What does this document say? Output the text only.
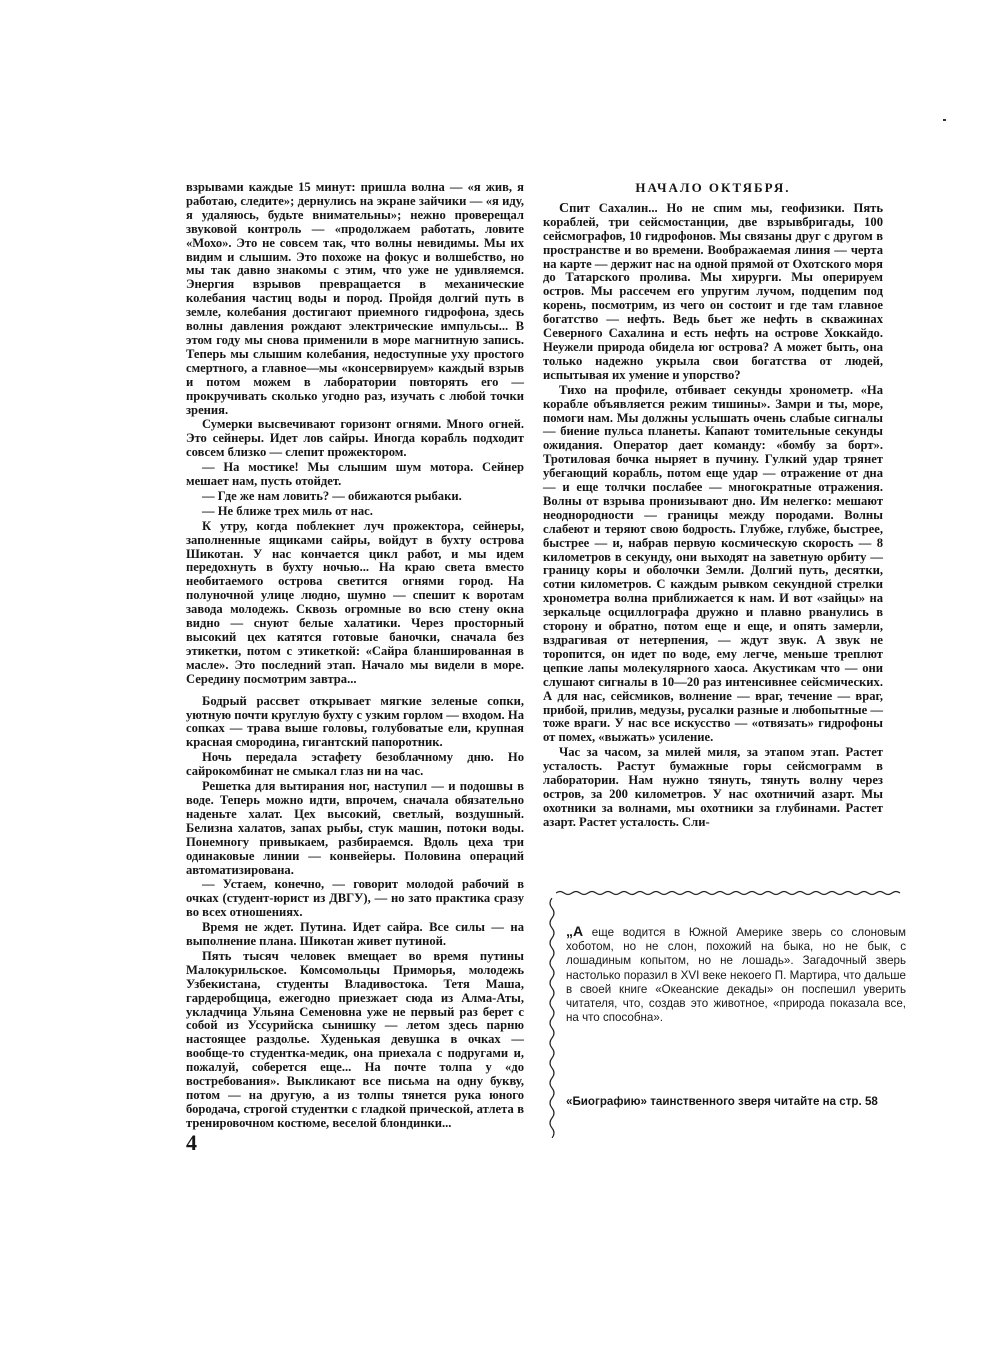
взрывами каждые 15 минут: пришла волна — «я жив, я работаю, следите»; дернулись на экране зайчики — «я иду, я удаляюсь, будьте внимательны»; нежно проверещал звуковой контроль — «продолжаем работать, ловите «Мохо». Это не совсем так, что волны невидимы. Мы их видим и слышим. Это похоже на фокус и волшебство, но мы так давно знакомы с этим, что уже не удивляемся. Энергия взрывов превращается в механические колебания частиц воды и пород. Пройдя долгий путь в земле, колебания достигают приемного гидрофона, здесь волны давления рождают электрические импульсы... В этом году мы снова применили в море магнитную запись. Теперь мы слышим колебания, недоступные уху простого смертного, а главное—мы «консервируем» каждый взрыв и потом можем в лаборатории повторять его — прокручивать сколько угодно раз, изучать с любой точки зрения.

Сумерки высвечивают горизонт огнями. Много огней. Это сейнеры. Идет лов сайры. Иногда корабль подходит совсем близко — слепит прожектором.

— На мостике! Мы слышим шум мотора. Сейнер мешает нам, пусть отойдет.

— Где же нам ловить? — обижаются рыбаки.

— Не ближе трех миль от нас.

К утру, когда поблекнет луч прожектора, сейнеры, заполненные ящиками сайры, войдут в бухту острова Шикотан. У нас кончается цикл работ, и мы идем передохнуть в бухту ночью... На краю света вместо необитаемого острова светится огнями город. На полуночной улице людно, шумно — спешит к воротам завода молодежь. Сквозь огромные во всю стену окна видно — снуют белые халатики. Через просторный высокий цех катятся готовые баночки, сначала без этикетки, потом с этикеткой: «Сайра бланшированная в масле». Это последний этап. Начало мы видели в море. Середину посмотрим завтра...

Бодрый рассвет открывает мягкие зеленые сопки, уютную почти круглую бухту с узким горлом — входом. На сопках — трава выше головы, голубоватые ели, крупная красная смородина, гигантский папоротник.

Ночь передала эстафету безоблачному дню. Но сайрокомбинат не смыкал глаз ни на час.

Решетка для вытирания ног, наступил — и подошвы в воде. Теперь можно идти, впрочем, сначала обязательно наденьте халат. Цех высокий, светлый, воздушный. Белизна халатов, запах рыбы, стук машин, потоки воды. Понемногу привыкаем, разбираемся. Вдоль цеха три одинаковые линии — конвейеры. Половина операций автоматизирована.

— Устаем, конечно, — говорит молодой рабочий в очках (студент-юрист из ДВГУ), — но зато практика сразу во всех отношениях.

Время не ждет. Путина. Идет сайра. Все силы — на выполнение плана. Шикотан живет путиной.

Пять тысяч человек вмещает во время путины Малокурильское. Комсомольцы Приморья, молодежь Узбекистана, студенты Владивостока. Тетя Маша, гардеробщица, ежегодно приезжает сюда из Алма-Аты, укладчица Ульяна Семеновна уже не первый раз берет с собой из Уссурийска сынишку — летом здесь парню настоящее раздолье. Худенькая девушка в очках — вообще-то студентка-медик, она приехала с подругами и, пожалуй, соберется еще... На почте толпа у «до востребования». Выкликают все письма на одну букву, потом — на другую, а из толпы тянется рука юного бородача, строгой студентки с гладкой прической, атлета в тренировочном костюме, веселой блондинки...

НАЧАЛО ОКТЯБРЯ.

Спит Сахалин... Но не спим мы, геофизики. Пять кораблей, три сейсмостанции, две взрывбригады, 100 сейсмографов, 10 гидрофонов. Мы связаны друг с другом в пространстве и во времени. Воображаемая линия — черта на карте — держит нас на одной прямой от Охотского моря до Татарского пролива. Мы хирурги. Мы оперируем остров. Мы рассечем его упругим лучом, подцепим под корень, посмотрим, из чего он состоит и где там главное богатство — нефть. Ведь бьет же нефть в скважинах Северного Сахалина и есть нефть на острове Хоккайдо. Неужели природа обидела юг острова? А может быть, она только надежно укрыла свои богатства от людей, испытывая их умение и упорство?

Тихо на профиле, отбивает секунды хронометр. «На корабле объявляется режим тишины». Замри и ты, море, помоги нам. Мы должны услышать очень слабые сигналы — биение пульса планеты. Капают томительные секунды ожидания. Оператор дает команду: «бомбу за борт». Тротиловая бочка ныряет в пучину. Гулкий удар трянет убегающий корабль, потом еще удар — отражение от дна — и еще толчки послабее — многократные отражения. Волны от взрыва пронизывают дно. Им нелегко: мешают неоднородности — границы между породами. Волны слабеют и теряют свою бодрость. Глубже, глубже, быстрее, быстрее — и, набрав первую космическую скорость — 8 километров в секунду, они выходят на заветную орбиту — границу коры и оболочки Земли. Долгий путь, десятки, сотни километров. С каждым рывком секундной стрелки хронометра волна приближается к нам. И вот «зайцы» на зеркальце осциллографа дружно и плавно рванулись в сторону и обратно, потом еще и еще, и опять замерли, вздрагивая от нетерпения, — ждут звук. А звук не торопится, он идет по воде, ему легче, меньше треплют цепкие лапы молекулярного хаоса. Акустикам что — они слушают сигналы в 10—20 раз интенсивнее сейсмических. А для нас, сейсмиков, волнение — враг, течение — враг, прибой, прилив, медузы, русалки разные и любопытные — тоже враги. У нас все искусство — «отвязать» гидрофоны от помех, «выжать» усиление.

Час за часом, за милей миля, за этапом этап. Растет усталость. Растут бумажные горы сейсмограмм в лаборатории. Нам нужно тянуть, тянуть волну через остров, за 200 километров. У нас охотничий азарт. Мы охотники за волнами, мы охотники за глубинами. Растет азарт. Растет усталость. Сли-

„А еще водится в Южной Америке зверь со слоновым хоботом, но не слон, похожий на быка, но не бык, с лошадиным копытом, но не лошадь». Загадочный зверь настолько поразил в XVI веке некоего П. Мартира, что дальше в своей книге «Океанские декады» он поспешил уверить читателя, что, создав это животное, «природа показала все, на что способна».
«Биографию» таинственного зверя читайте на стр. 58
4
